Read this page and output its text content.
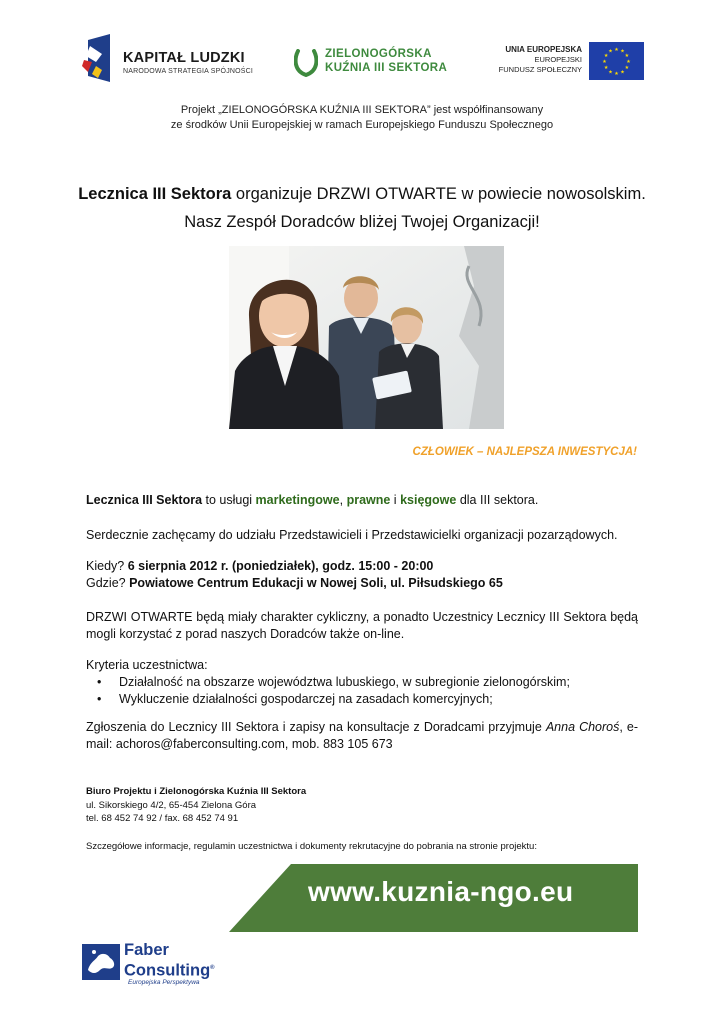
KAPITAŁ LUDZKI
NARODOWA STRATEGIA SPÓJNOŚCI
ZIELONOGÓRSKA
KUŹNIA III SEKTORA
UNIA EUROPEJSKA
EUROPEJSKI
FUNDUSZ SPOŁECZNY
★ ★
★
★
★
★
★
★
★
★
★
★
Projekt „ZIELONOGÓRSKA KUŹNIA III SEKTORA” jest współfinansowany
ze środków Unii Europejskiej w ramach Europejskiego Funduszu Społecznego
Lecznica III Sektora organizuje DRZWI OTWARTE w powiecie nowosolskim.
Nasz Zespół Doradców bliżej Twojej Organizacji!
CZŁOWIEK – NAJLEPSZA INWESTYCJA!
Lecznica III Sektora to usługi marketingowe, prawne i księgowe dla III sektora.
Serdecznie zachęcamy do udziału Przedstawicieli i Przedstawicielki organizacji pozarządowych.
Kiedy? 6 sierpnia 2012 r. (poniedziałek), godz. 15:00 - 20:00
Gdzie? Powiatowe Centrum Edukacji w Nowej Soli, ul. Piłsudskiego 65
DRZWI OTWARTE będą miały charakter cykliczny, a ponadto Uczestnicy Lecznicy III Sektora będą mogli korzystać z porad naszych Doradców także on-line.
Kryteria uczestnictwa:
• Działalność na obszarze województwa lubuskiego, w subregionie zielonogórskim;
• Wykluczenie działalności gospodarczej na zasadach komercyjnych;
Zgłoszenia do Lecznicy III Sektora i zapisy na konsultacje z Doradcami przyjmuje Anna Choroś, e-mail: achoros@faberconsulting.com, mob. 883 105 673
Biuro Projektu i Zielonogórska Kuźnia III Sektora
ul. Sikorskiego 4/2, 65-454 Zielona Góra
tel. 68 452 74 92 / fax. 68 452 74 91
Szczegółowe informacje, regulamin uczestnictwa i dokumenty rekrutacyjne do pobrania na stronie projektu:
www.kuznia-ngo.eu
Faber
Consulting®
Europejska Perspektywa
